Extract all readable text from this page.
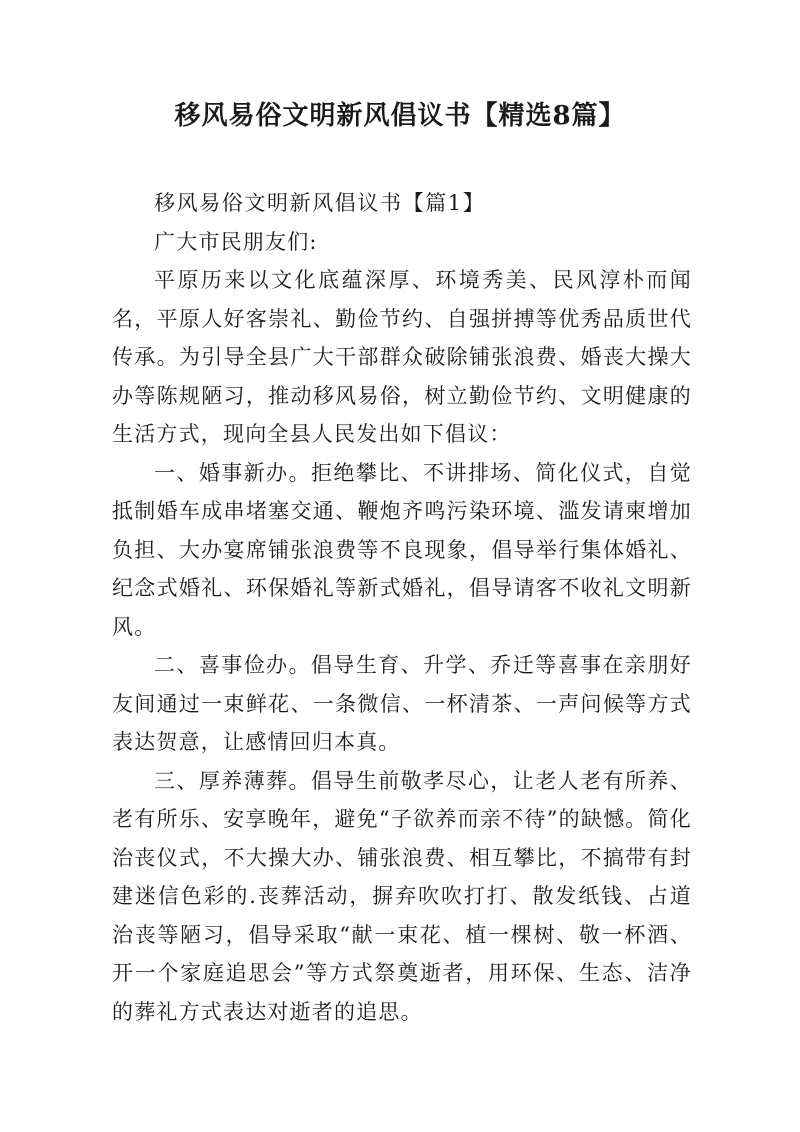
移风易俗文明新风倡议书【精选8篇】

移风易俗文明新风倡议书【篇1】

广大市民朋友们:

平原历来以文化底蕴深厚、环境秀美、民风淳朴而闻名，平原人好客崇礼、勤俭节约、自强拼搏等优秀品质世代传承。为引导全县广大干部群众破除铺张浪费、婚丧大操大办等陈规陋习，推动移风易俗，树立勤俭节约、文明健康的生活方式，现向全县人民发出如下倡议：

一、婚事新办。拒绝攀比、不讲排场、简化仪式，自觉抵制婚车成串堵塞交通、鞭炮齐鸣污染环境、滥发请柬增加负担、大办宴席铺张浪费等不良现象，倡导举行集体婚礼、纪念式婚礼、环保婚礼等新式婚礼，倡导请客不收礼文明新风。

二、喜事俭办。倡导生育、升学、乔迁等喜事在亲朋好友间通过一束鲜花、一条微信、一杯清茶、一声问候等方式表达贺意，让感情回归本真。

三、厚养薄葬。倡导生前敬孝尽心，让老人老有所养、老有所乐、安享晚年，避免“子欲养而亲不待”的缺憾。简化治丧仪式，不大操大办、铺张浪费、相互攀比，不搞带有封建迷信色彩的.丧葬活动，摒弃吹吹打打、散发纸钱、占道治丧等陋习，倡导采取“献一束花、植一棵树、敬一杯酒、开一个家庭追思会”等方式祭奠逝者，用环保、生态、洁净的葬礼方式表达对逝者的追思。
